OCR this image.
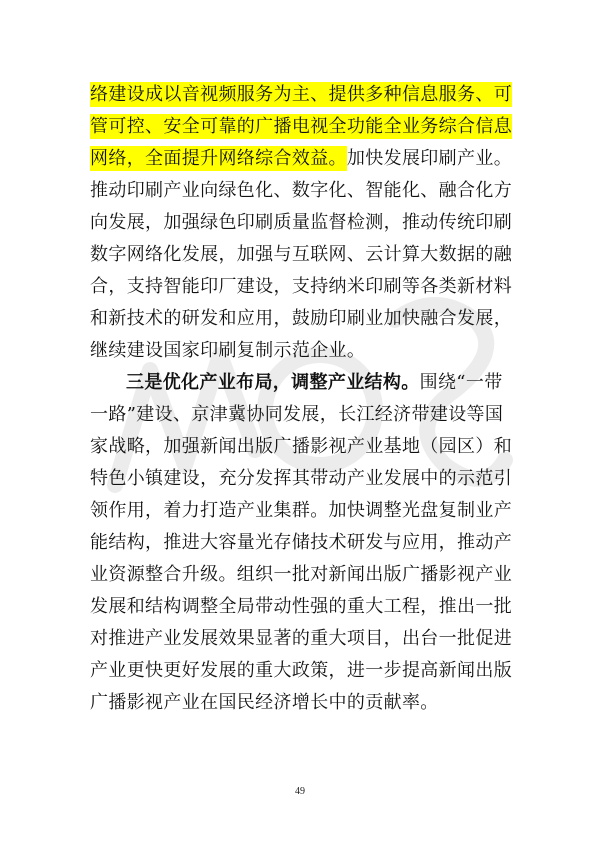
络建设成以音视频服务为主、提供多种信息服务、可
管可控、安全可靠的广播电视全功能全业务综合信息
网络，全面提升网络综合效益。加快发展印刷产业。
推动印刷产业向绿色化、数字化、智能化、融合化方
向发展，加强绿色印刷质量监督检测，推动传统印刷
数字网络化发展，加强与互联网、云计算大数据的融
合，支持智能印厂建设，支持纳米印刷等各类新材料
和新技术的研发和应用，鼓励印刷业加快融合发展，
继续建设国家印刷复制示范企业。
三是优化产业布局，调整产业结构。围绕“一带
一路”建设、京津冀协同发展，长江经济带建设等国
家战略，加强新闻出版广播影视产业基地（园区）和
特色小镇建设，充分发挥其带动产业发展中的示范引
领作用，着力打造产业集群。加快调整光盘复制业产
能结构，推进大容量光存储技术研发与应用，推动产
业资源整合升级。组织一批对新闻出版广播影视产业
发展和结构调整全局带动性强的重大工程，推出一批
对推进产业发展效果显著的重大项目，出台一批促进
产业更快更好发展的重大政策，进一步提高新闻出版
广播影视产业在国民经济增长中的贡献率。
49
